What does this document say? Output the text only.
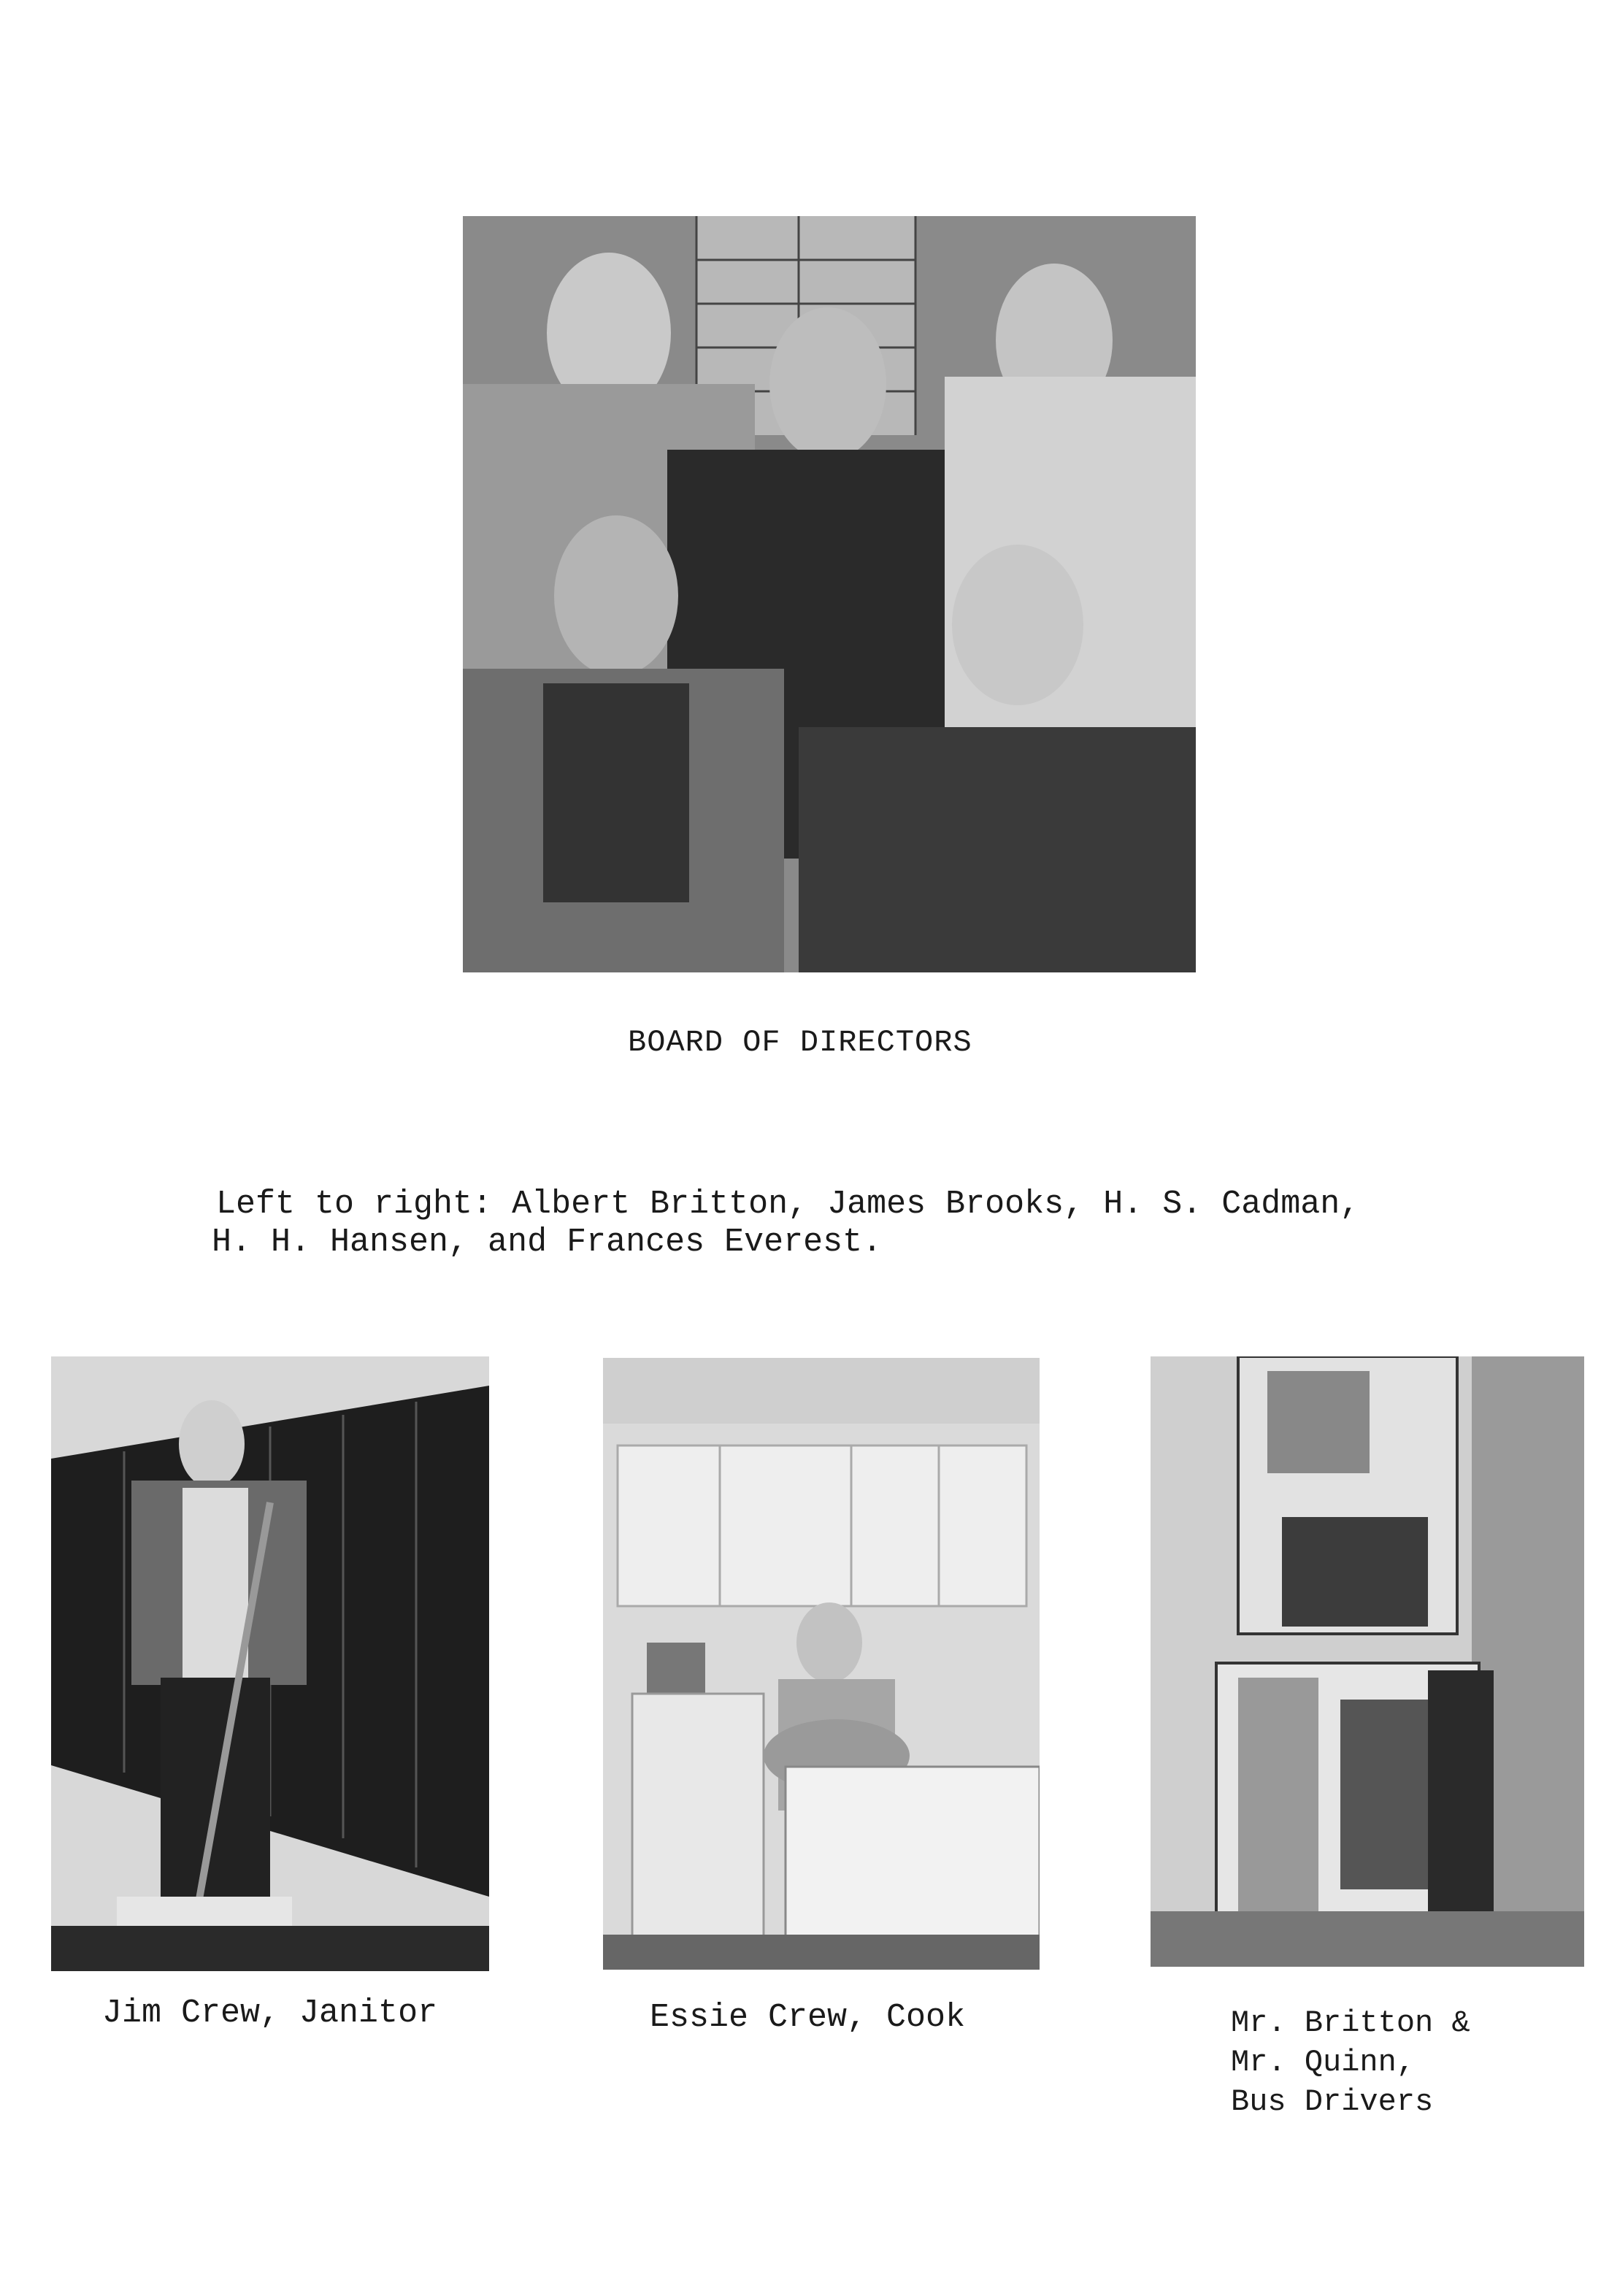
BOARD OF DIRECTORS
Left to right: Albert Britton, James Brooks, H. S. Cadman,
H. H. Hansen, and Frances Everest.
Jim Crew, Janitor	Essie Crew, Cook	Mr. Britton &
Mr. Quinn,
Bus Drivers
